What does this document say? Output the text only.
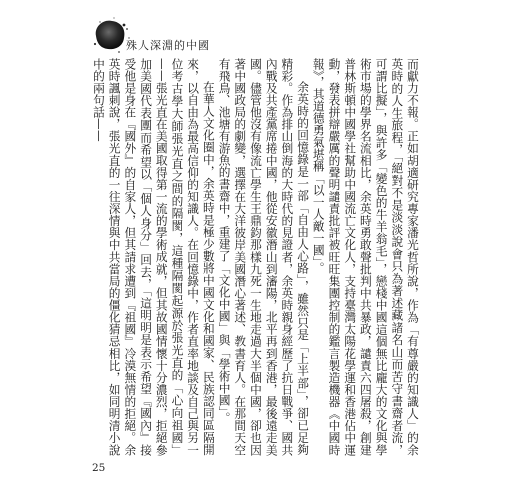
殊人深淵的中國

而獻力不報。正如胡適研究專家潘光哲所說，作為「有尊嚴的知識人」的余英時的人生旅程，「絕對不是淡淡說會只為著述藏諸名山而苦守書齋者流，可謂比擬」，與許多「變色的牛羊翁毛」，戀棧中國這個無比龐大的文化與學術市場的學界名流相比，余英時勇敢聲批判中共暴政，譴責六四屠殺，創建普林斯頓中國學社幫助中國流亡文化人，支持臺灣太陽花學運和香港佔中運動，發表拼辯嚴厲的聲明譴責批評被旺旺集團控制的鑑言製造機器《中國時報》，其道德勇氣堪稱「以一人敵一國」。

余英時的回憶錄是一部「自由人心路」，雖然只是「上半部」，卻已足夠精彩。作為排山倒海的大時代的見證者，余英時親身經歷了抗日戰爭、國共內戰及共產黨席捲中國，他從安徽潛山到瀋陽，北平再到香港，最後遠走美國。儘管他沒有像流亡學生王鼎鈞那樣九死一生地走過大半個中國，卻也因著中國政局的劇變，選擇在大洋彼岸美國潛心著述、教書育人。在那間天空有飛鳥、池塘有游魚的書齋中，重建了「文化中國」與「學術中國」。

在華人文化圈中，余英時是極少數將中國文化和國家、民族認同區隔開來，以自由為最高信仰的知識人。在回憶錄中，作者直率地談及自己與另一位考古學大師張光直之間的隔閡，這種隔閡起源於張光直的「心向祖國」——張光直在美國取得第一流的學術成就，但其故國情懷十分濃烈，拒絕參加美國代表團而希望以「個人身分」回去，「這明明是表示希望『國內』接受他是身在『國外』的自家人，但其請求遭到『祖國』冷漠無情的拒絕。余英時諷刺說，張光直的一往深情與中共當局的僵化猜忌相比，如同明清小說中的兩句話——

25
